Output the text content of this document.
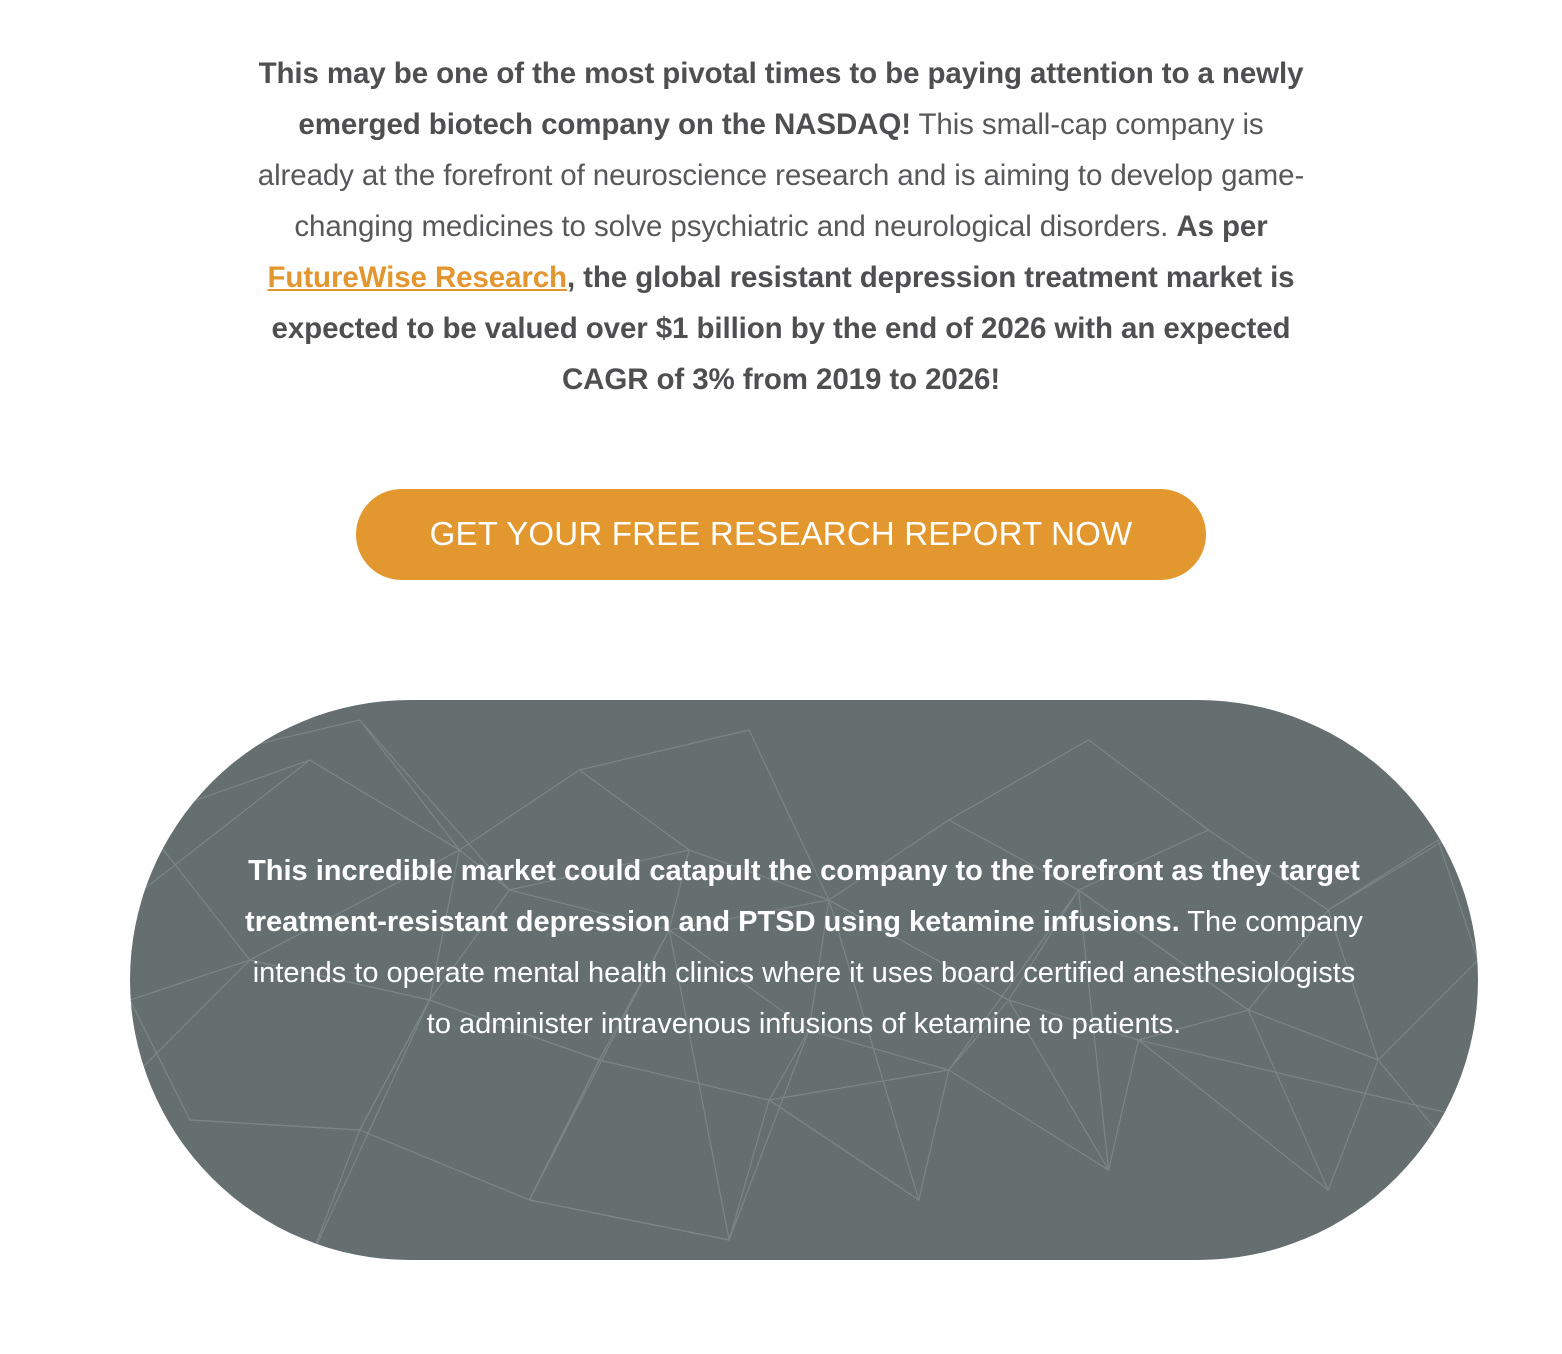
This may be one of the most pivotal times to be paying attention to a newly emerged biotech company on the NASDAQ! This small-cap company is already at the forefront of neuroscience research and is aiming to develop game-changing medicines to solve psychiatric and neurological disorders. As per FutureWise Research, the global resistant depression treatment market is expected to be valued over $1 billion by the end of 2026 with an expected CAGR of 3% from 2019 to 2026!

GET YOUR FREE RESEARCH REPORT NOW

This incredible market could catapult the company to the forefront as they target treatment-resistant depression and PTSD using ketamine infusions. The company intends to operate mental health clinics where it uses board certified anesthesiologists to administer intravenous infusions of ketamine to patients.
